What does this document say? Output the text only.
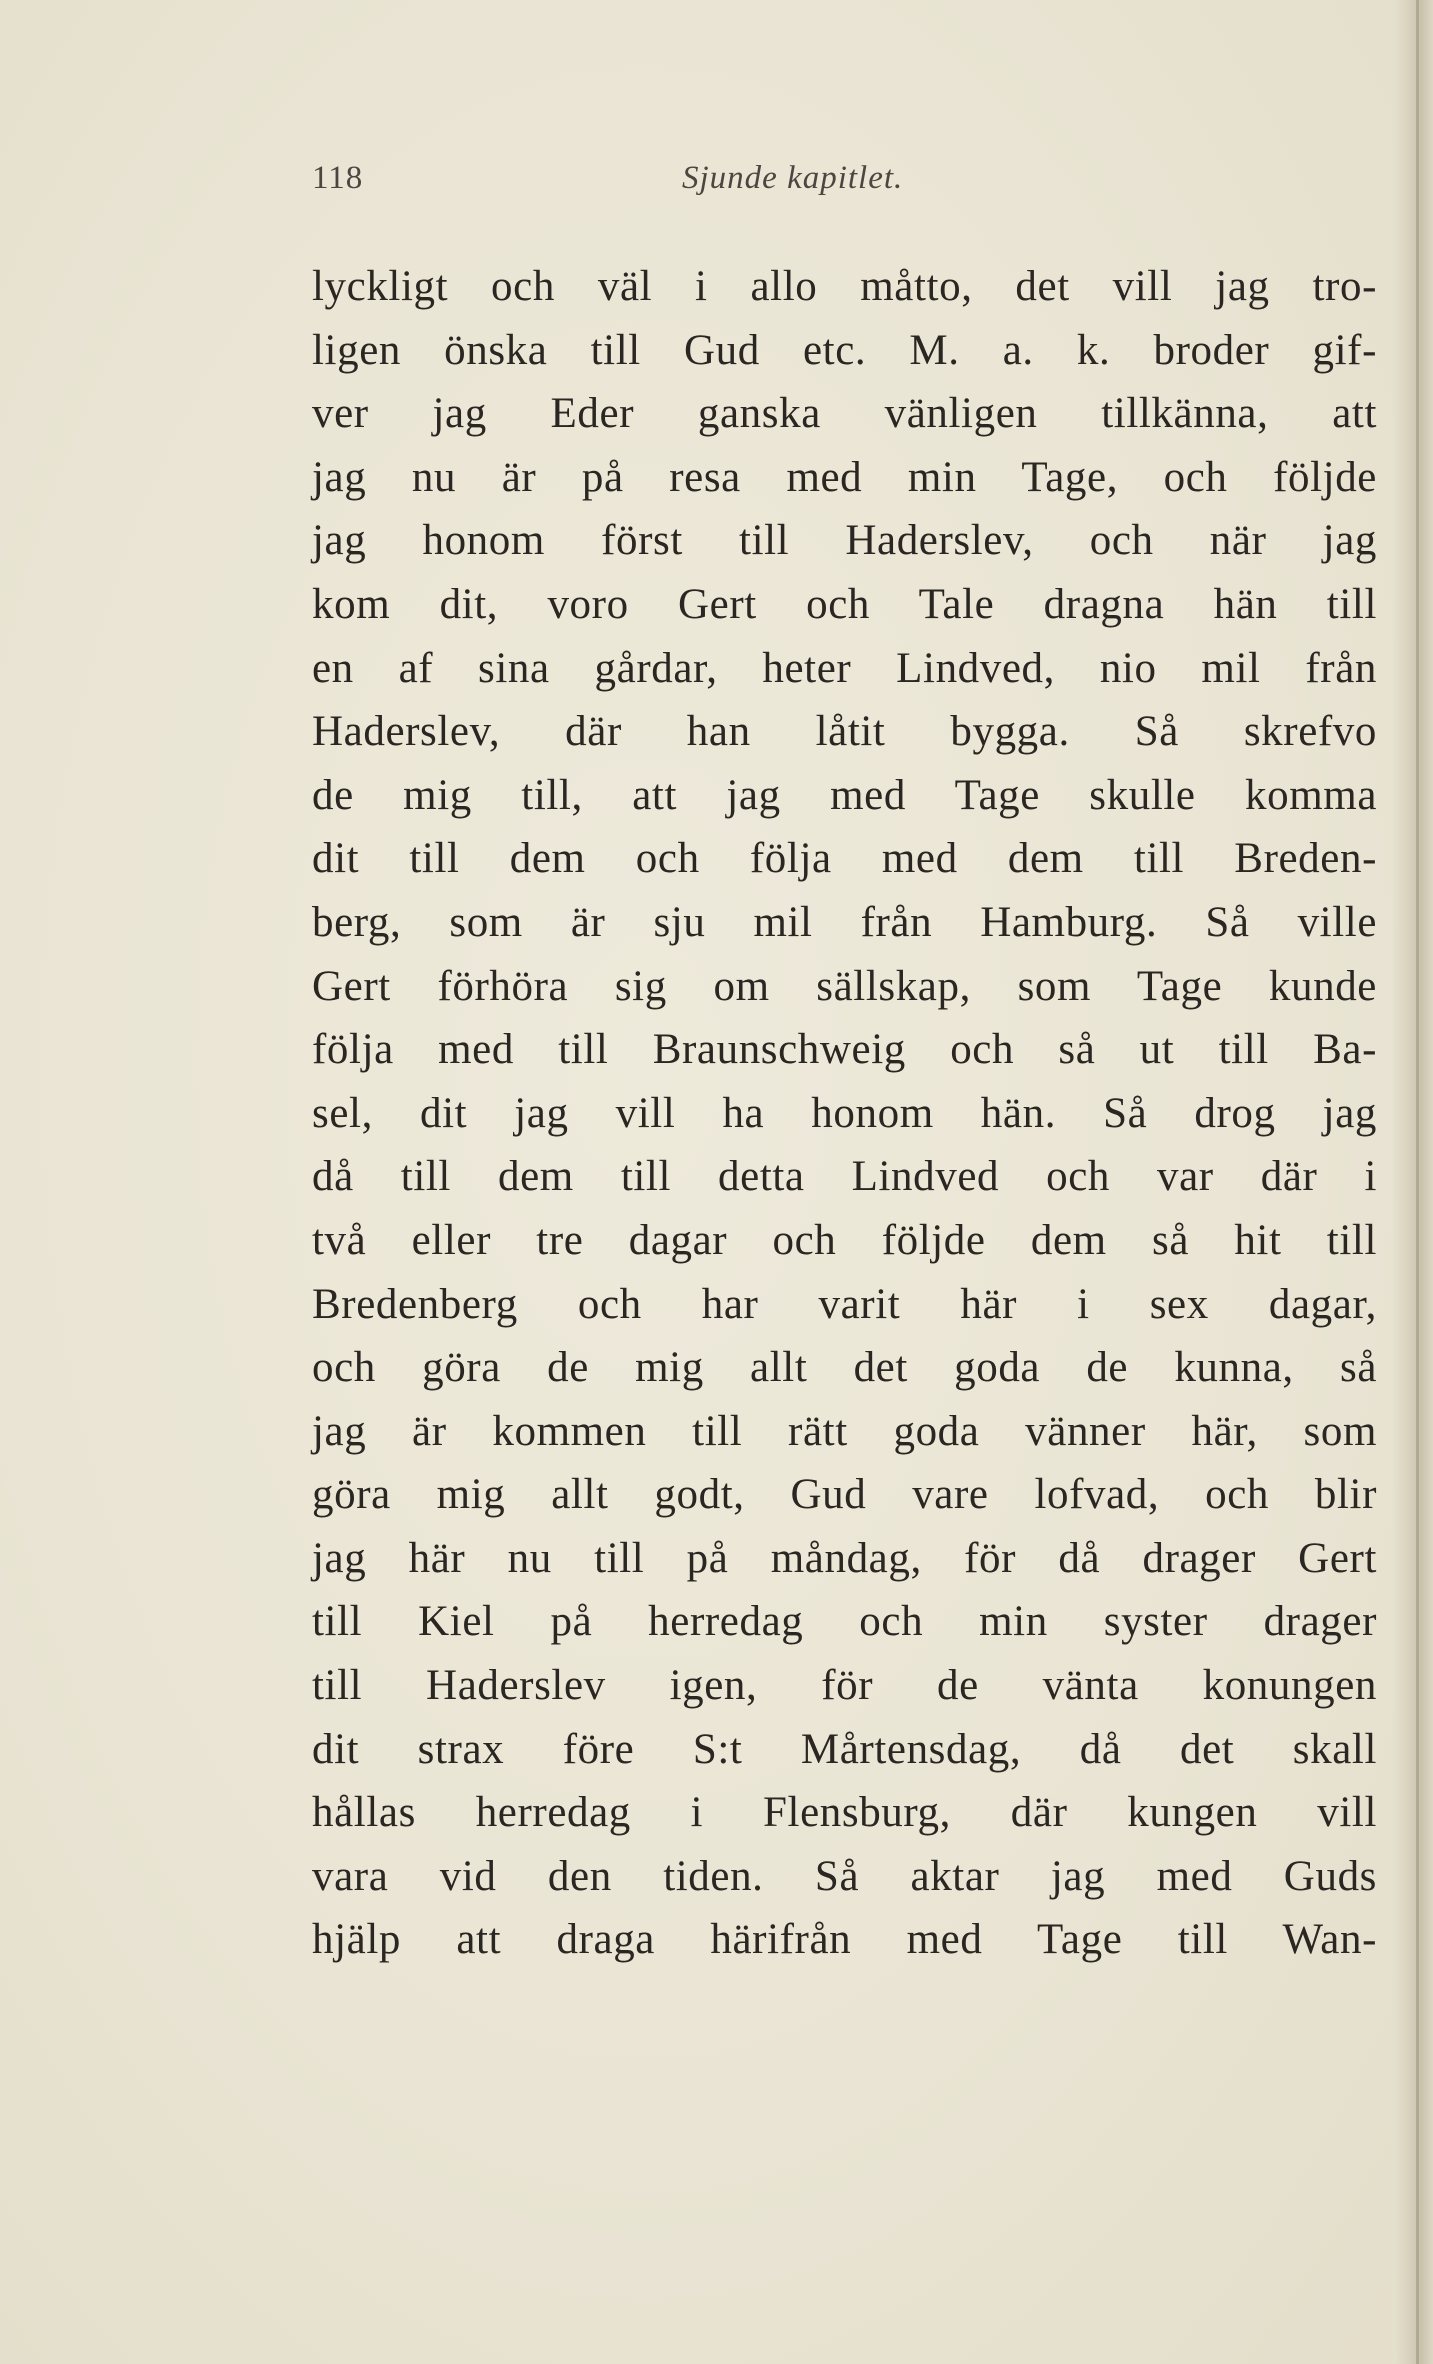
118	Sjunde kapitlet.
lyckligt och väl i allo måtto, det vill jag tro-
ligen önska till Gud etc. M. a. k. broder gif-
ver jag Eder ganska vänligen tillkänna, att
jag nu är på resa med min Tage, och följde
jag honom först till Haderslev, och när jag
kom dit, voro Gert och Tale dragna hän till
en af sina gårdar, heter Lindved, nio mil från
Haderslev, där han låtit bygga. Så skrefvo
de mig till, att jag med Tage skulle komma
dit till dem och följa med dem till Breden-
berg, som är sju mil från Hamburg. Så ville
Gert förhöra sig om sällskap, som Tage kunde
följa med till Braunschweig och så ut till Ba-
sel, dit jag vill ha honom hän. Så drog jag
då till dem till detta Lindved och var där i
två eller tre dagar och följde dem så hit till
Bredenberg och har varit här i sex dagar,
och göra de mig allt det goda de kunna, så
jag är kommen till rätt goda vänner här, som
göra mig allt godt, Gud vare lofvad, och blir
jag här nu till på måndag, för då drager Gert
till Kiel på herredag och min syster drager
till Haderslev igen, för de vänta konungen
dit strax före S:t Mårtensdag, då det skall
hållas herredag i Flensburg, där kungen vill
vara vid den tiden. Så aktar jag med Guds
hjälp att draga härifrån med Tage till Wan-
